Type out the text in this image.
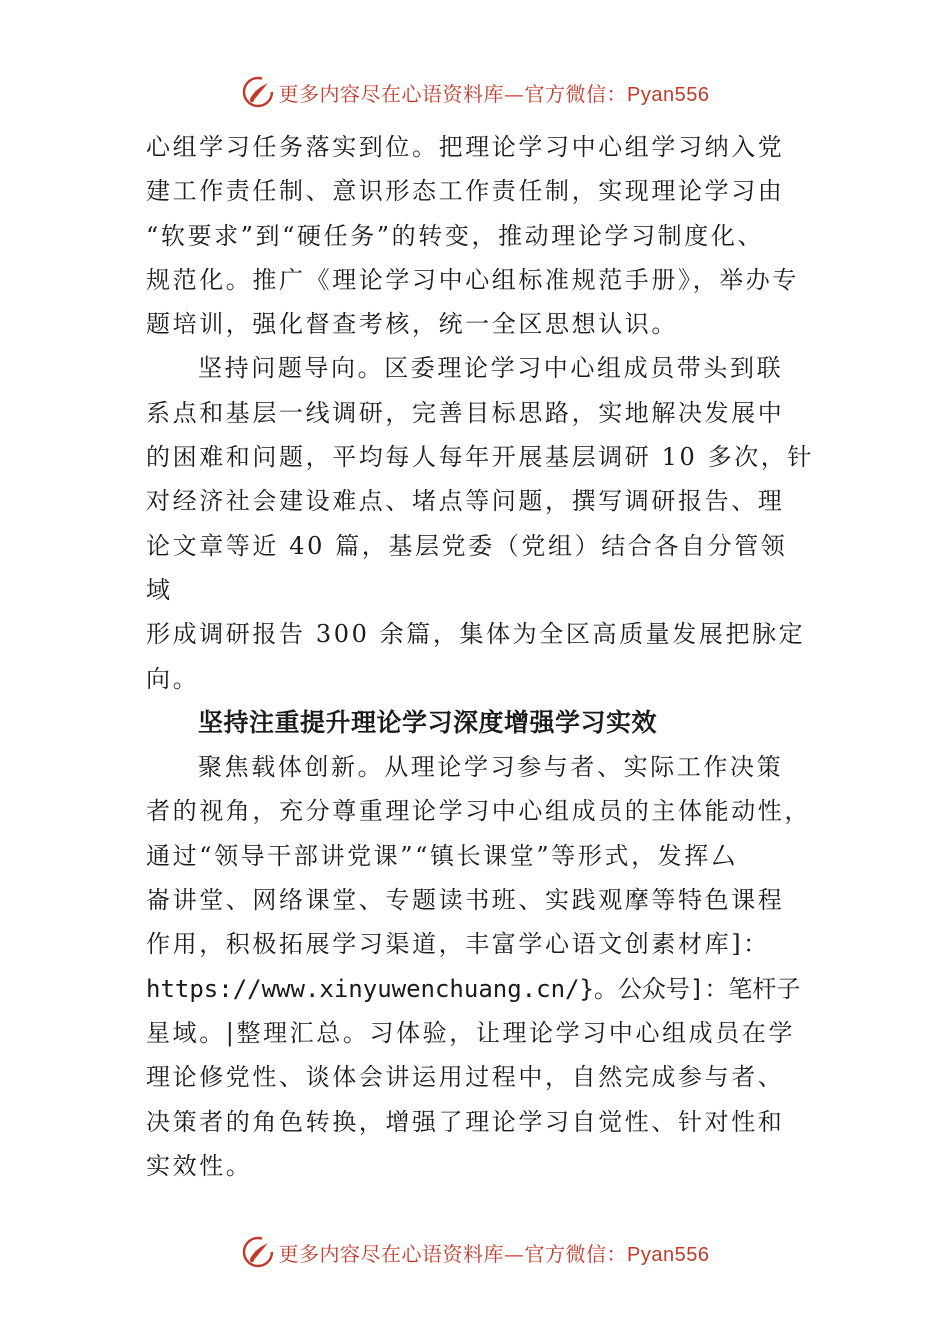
更多内容尽在心语资料库—官方微信：Pyan556
心组学习任务落实到位。把理论学习中心组学习纳入党
建工作责任制、意识形态工作责任制，实现理论学习由
“软要求”到“硬任务”的转变，推动理论学习制度化、
规范化。推广《理论学习中心组标准规范手册》，举办专
题培训，强化督查考核，统一全区思想认识。
坚持问题导向。区委理论学习中心组成员带头到联
系点和基层一线调研，完善目标思路，实地解决发展中
的困难和问题，平均每人每年开展基层调研 10 多次，针
对经济社会建设难点、堵点等问题，撰写调研报告、理
论文章等近 40 篇，基层党委（党组）结合各自分管领
域
形成调研报告 300 余篇，集体为全区高质量发展把脉定
向。
坚持注重提升理论学习深度增强学习实效
聚焦载体创新。从理论学习参与者、实际工作决策
者的视角，充分尊重理论学习中心组成员的主体能动性，
通过“领导干部讲党课”“镇长课堂”等形式，发挥厶
崙讲堂、网络课堂、专题读书班、实践观摩等特色课程
作用，积极拓展学习渠道，丰富学心语文创素材库]：
https://www.xinyuwenchuang.cn/}。公众号]：笔杆子
星域。|整理汇总。习体验，让理论学习中心组成员在学
理论修党性、谈体会讲运用过程中，自然完成参与者、
决策者的角色转换，增强了理论学习自觉性、针对性和
实效性。
更多内容尽在心语资料库—官方微信：Pyan556
